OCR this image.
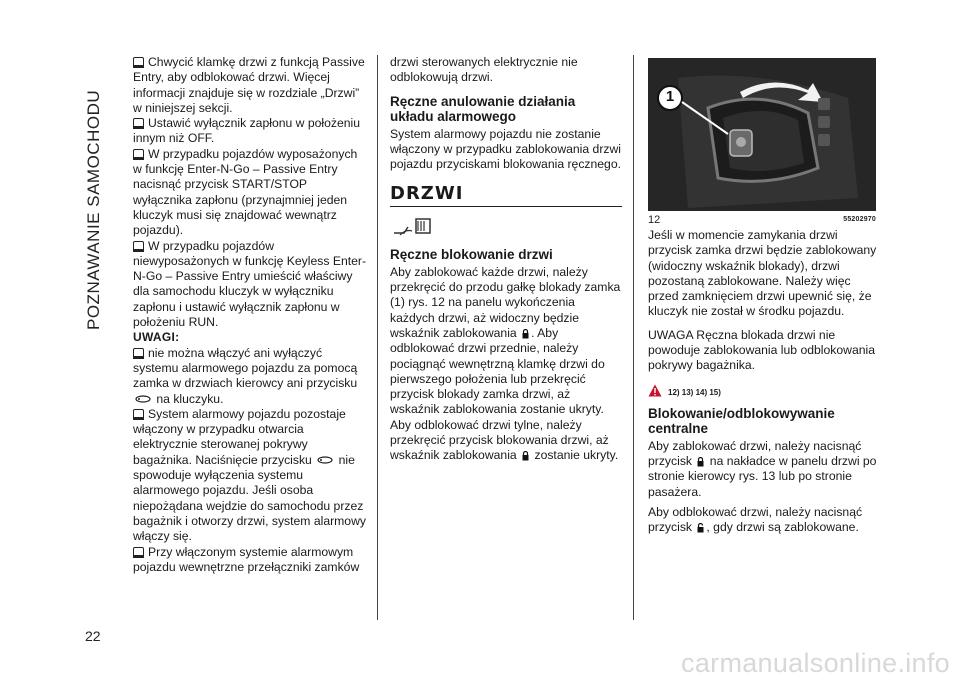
POZNAWANIE SAMOCHODU
22

Chwycić klamkę drzwi z funkcją Passive Entry, aby odblokować drzwi. Więcej informacji znajduje się w rozdziale „Drzwi” w niniejszej sekcji.

Ustawić wyłącznik zapłonu w położeniu innym niż OFF.

W przypadku pojazdów wyposażonych w funkcję Enter-N-Go – Passive Entry nacisnąć przycisk START/STOP wyłącznika zapłonu (przynajmniej jeden kluczyk musi się znajdować wewnątrz pojazdu).

W przypadku pojazdów niewyposażonych w funkcję Keyless Enter-N-Go – Passive Entry umieścić właściwy dla samochodu kluczyk w wyłączniku zapłonu i ustawić wyłącznik zapłonu w położeniu RUN.

UWAGI:

nie można włączyć ani wyłączyć systemu alarmowego pojazdu za pomocą zamka w drzwiach kierowcy ani przycisku  na kluczyku.

System alarmowy pojazdu pozostaje włączony w przypadku otwarcia elektrycznie sterowanej pokrywy bagażnika. Naciśnięcie przycisku nie spowoduje wyłączenia systemu alarmowego pojazdu. Jeśli osoba niepożądana wejdzie do samochodu przez bagażnik i otworzy drzwi, system alarmowy włączy się.

Przy włączonym systemie alarmowym pojazdu wewnętrzne przełączniki zamków

drzwi sterowanych elektrycznie nie odblokowują drzwi.

Ręczne anulowanie działania układu alarmowego

System alarmowy pojazdu nie zostanie włączony w przypadku zablokowania drzwi pojazdu przyciskami blokowania ręcznego.

DRZWI
Ręczne blokowanie drzwi

Aby zablokować każde drzwi, należy przekręcić do przodu gałkę blokady zamka (1) rys. 12 na panelu wykończenia każdych drzwi, aż widoczny będzie wskaźnik zablokowania . Aby odblokować drzwi przednie, należy pociągnąć wewnętrzną klamkę drzwi do pierwszego położenia lub przekręcić przycisk blokady zamka drzwi, aż wskaźnik zablokowania zostanie ukryty. Aby odblokować drzwi tylne, należy przekręcić przycisk blokowania drzwi, aż wskaźnik zablokowania zostanie ukryty.

1
12	55202970

Jeśli w momencie zamykania drzwi przycisk zamka drzwi będzie zablokowany (widoczny wskaźnik blokady), drzwi pozostaną zablokowane. Należy więc przed zamknięciem drzwi upewnić się, że kluczyk nie został w środku pojazdu.

UWAGA Ręczna blokada drzwi nie powoduje zablokowania lub odblokowania pokrywy bagażnika.

12) 13) 14) 15)
Blokowanie/odblokowywanie centralne

Aby zablokować drzwi, należy nacisnąć przycisk na nakładce w panelu drzwi po stronie kierowcy rys. 13 lub po stronie pasażera.

Aby odblokować drzwi, należy nacisnąć przycisk , gdy drzwi są zablokowane.

carmanualsonline.info
